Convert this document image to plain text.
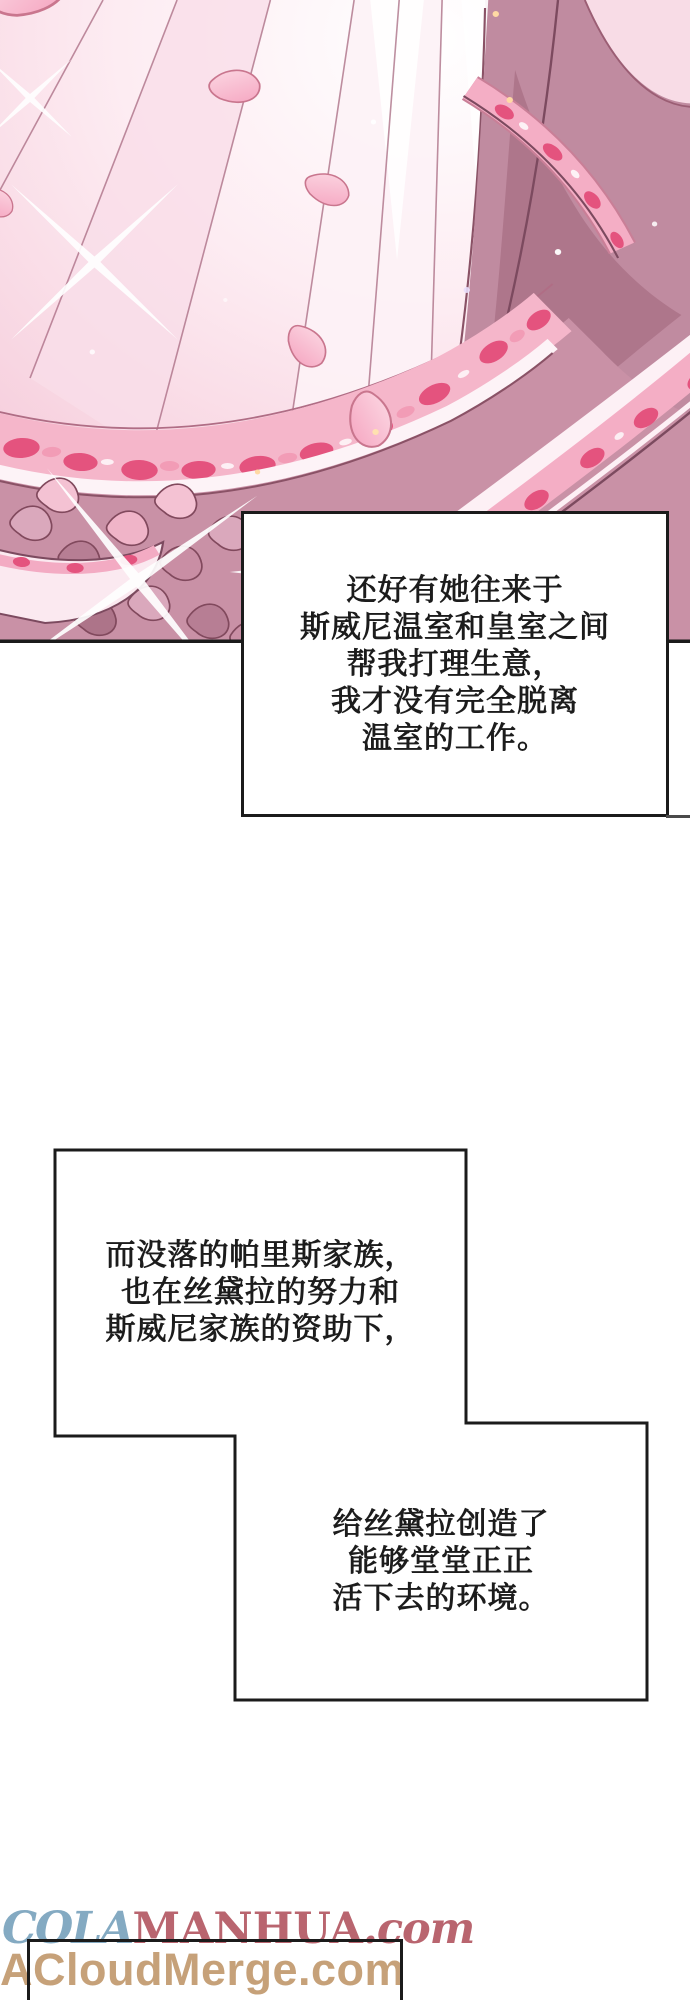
还好有她往来于
斯威尼温室和皇室之间
帮我打理生意，
我才没有完全脱离
温室的工作。
而没落的帕里斯家族，
也在丝黛拉的努力和
斯威尼家族的资助下，
给丝黛拉创造了
能够堂堂正正
活下去的环境。
COLAMANHUA.com
ACloudMerge.com
